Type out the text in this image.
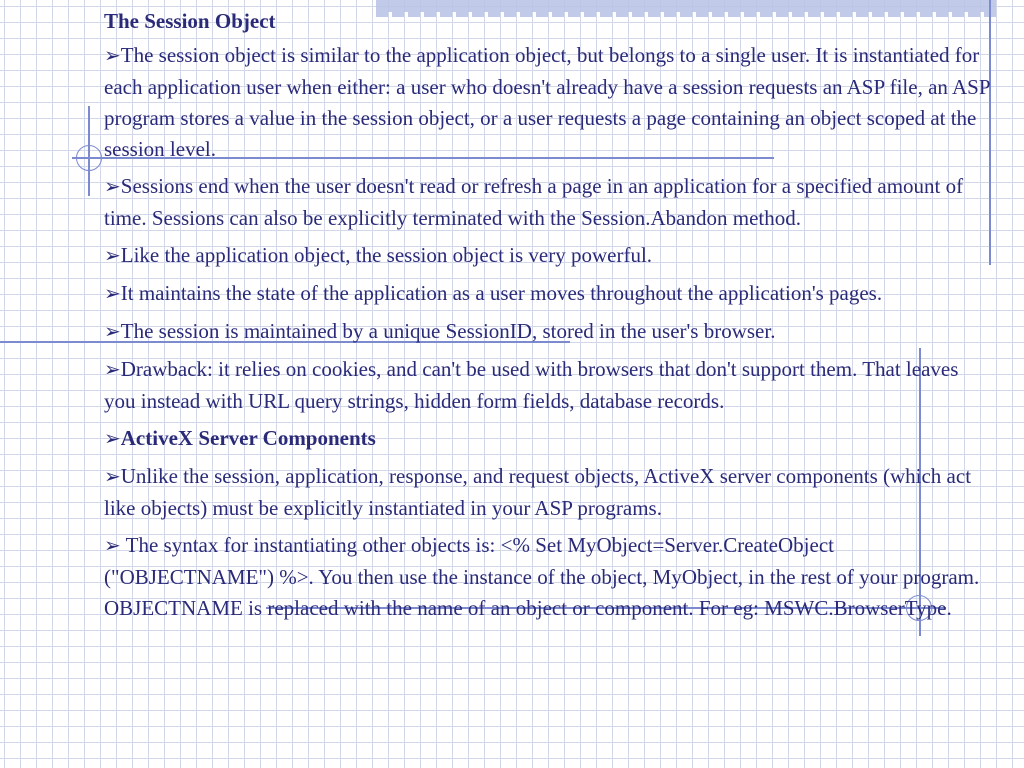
The Session Object

➢The session object is similar to the application object, but belongs to a single user. It is instantiated for each application user when either: a user who doesn't already have a session requests an ASP file, an ASP program stores a value in the session object, or a user requests a page containing an object scoped at the session level.

➢Sessions end when the user doesn't read or refresh a page in an application for a specified amount of time. Sessions can also be explicitly terminated with the Session.Abandon method.

➢Like the application object, the session object is very powerful.

➢It maintains the state of the application as a user moves throughout the application's pages.

➢The session is maintained by a unique SessionID, stored in the user's browser.

➢Drawback: it relies on cookies, and can't be used with browsers that don't support them. That leaves you instead with URL query strings, hidden form fields, database records.

➢ActiveX Server Components

➢Unlike the session, application, response, and request objects, ActiveX server components (which act like objects) must be explicitly instantiated in your ASP programs.

➢ The syntax for instantiating other objects is: <% Set MyObject=Server.CreateObject ("OBJECTNAME") %>. You then use the instance of the object, MyObject, in the rest of your program. OBJECTNAME is replaced with the name of an object or component. For eg: MSWC.BrowserType.
